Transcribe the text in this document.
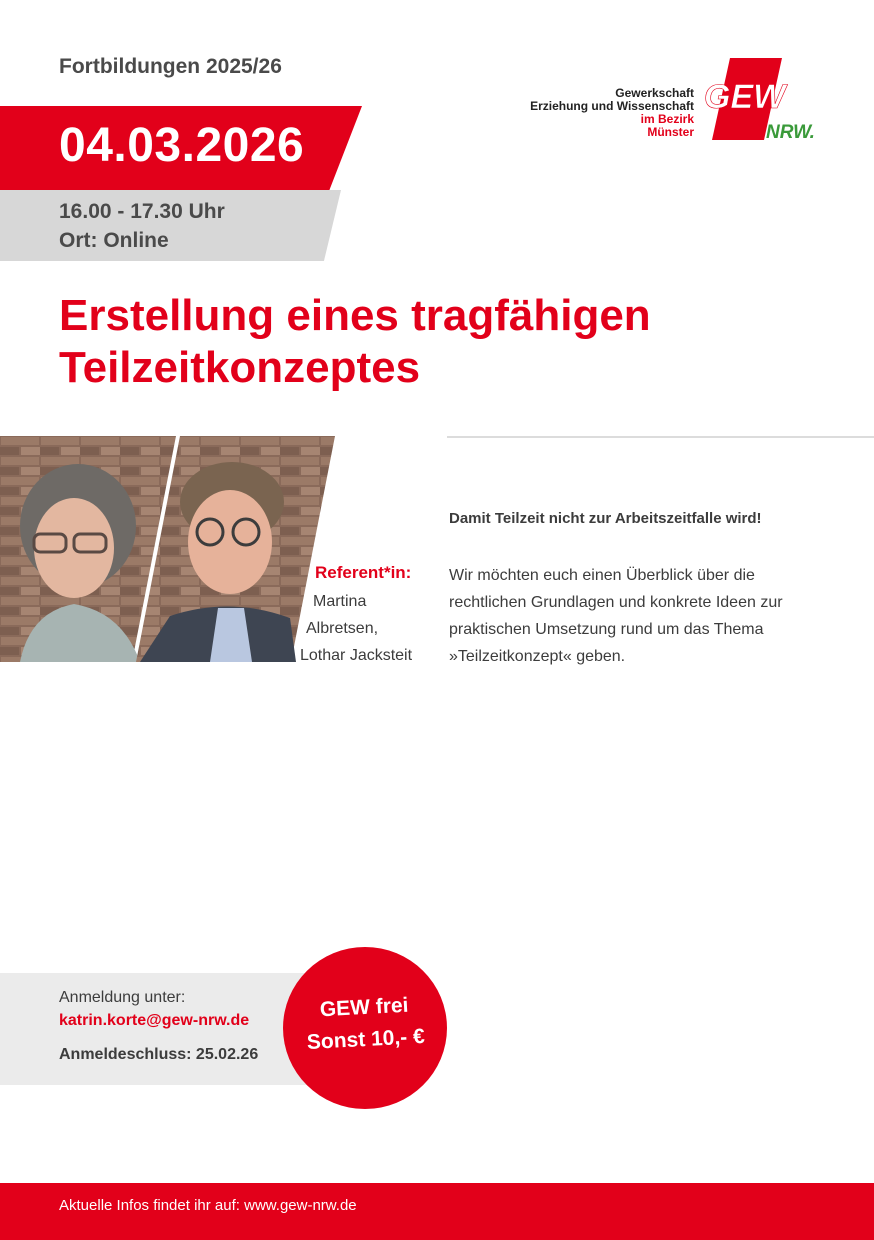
Fortbildungen 2025/26
Gewerkschaft
Erziehung und Wissenschaft
im Bezirk
Münster
GEW
NRW.
04.03.2026
16.00 - 17.30 Uhr
Ort: Online
Erstellung eines tragfähigen
Teilzeitkonzeptes
Referent*in:
Martina
Albretsen,
Lothar Jacksteit
Damit Teilzeit nicht zur Arbeitszeitfalle wird!
Wir möchten euch einen Überblick über die
rechtlichen Grundlagen und konkrete Ideen zur
praktischen Umsetzung rund um das Thema
»Teilzeitkonzept« geben.
Anmeldung unter:
katrin.korte@gew-nrw.de
Anmeldeschluss: 25.02.26
GEW frei
Sonst 10,- €
Aktuelle Infos findet ihr auf: www.gew-nrw.de
